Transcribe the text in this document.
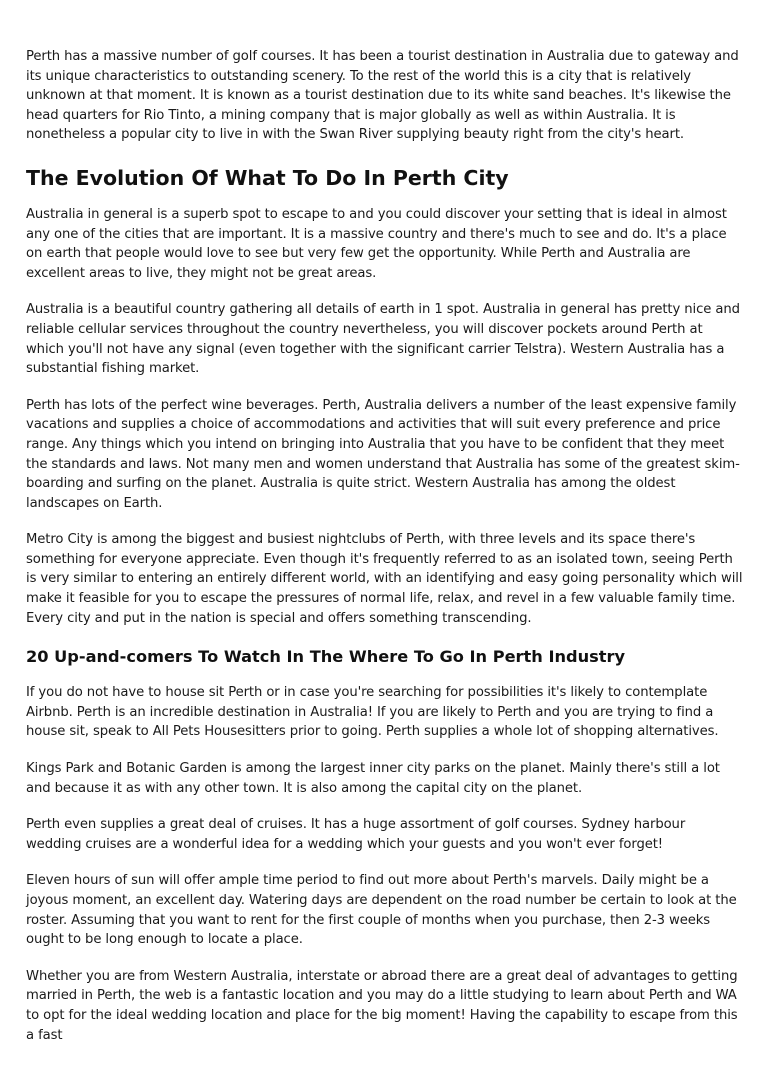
Perth has a massive number of golf courses. It has been a tourist destination in Australia due to gateway and its unique characteristics to outstanding scenery. To the rest of the world this is a city that is relatively unknown at that moment. It is known as a tourist destination due to its white sand beaches. It's likewise the head quarters for Rio Tinto, a mining company that is major globally as well as within Australia. It is nonetheless a popular city to live in with the Swan River supplying beauty right from the city's heart.

The Evolution Of What To Do In Perth City

Australia in general is a superb spot to escape to and you could discover your setting that is ideal in almost any one of the cities that are important. It is a massive country and there's much to see and do. It's a place on earth that people would love to see but very few get the opportunity. While Perth and Australia are excellent areas to live, they might not be great areas.

Australia is a beautiful country gathering all details of earth in 1 spot. Australia in general has pretty nice and reliable cellular services throughout the country nevertheless, you will discover pockets around Perth at which you'll not have any signal (even together with the significant carrier Telstra). Western Australia has a substantial fishing market.

Perth has lots of the perfect wine beverages. Perth, Australia delivers a number of the least expensive family vacations and supplies a choice of accommodations and activities that will suit every preference and price range. Any things which you intend on bringing into Australia that you have to be confident that they meet the standards and laws. Not many men and women understand that Australia has some of the greatest skim-boarding and surfing on the planet. Australia is quite strict. Western Australia has among the oldest landscapes on Earth.

Metro City is among the biggest and busiest nightclubs of Perth, with three levels and its space there's something for everyone appreciate. Even though it's frequently referred to as an isolated town, seeing Perth is very similar to entering an entirely different world, with an identifying and easy going personality which will make it feasible for you to escape the pressures of normal life, relax, and revel in a few valuable family time. Every city and put in the nation is special and offers something transcending.

20 Up-and-comers To Watch In The Where To Go In Perth Industry

If you do not have to house sit Perth or in case you're searching for possibilities it's likely to contemplate Airbnb. Perth is an incredible destination in Australia! If you are likely to Perth and you are trying to find a house sit, speak to All Pets Housesitters prior to going. Perth supplies a whole lot of shopping alternatives.

Kings Park and Botanic Garden is among the largest inner city parks on the planet. Mainly there's still a lot and because it as with any other town. It is also among the capital city on the planet.

Perth even supplies a great deal of cruises. It has a huge assortment of golf courses. Sydney harbour wedding cruises are a wonderful idea for a wedding which your guests and you won't ever forget!

Eleven hours of sun will offer ample time period to find out more about Perth's marvels. Daily might be a joyous moment, an excellent day. Watering days are dependent on the road number be certain to look at the roster. Assuming that you want to rent for the first couple of months when you purchase, then 2-3 weeks ought to be long enough to locate a place.

Whether you are from Western Australia, interstate or abroad there are a great deal of advantages to getting married in Perth, the web is a fantastic location and you may do a little studying to learn about Perth and WA to opt for the ideal wedding location and place for the big moment! Having the capability to escape from this a fast
